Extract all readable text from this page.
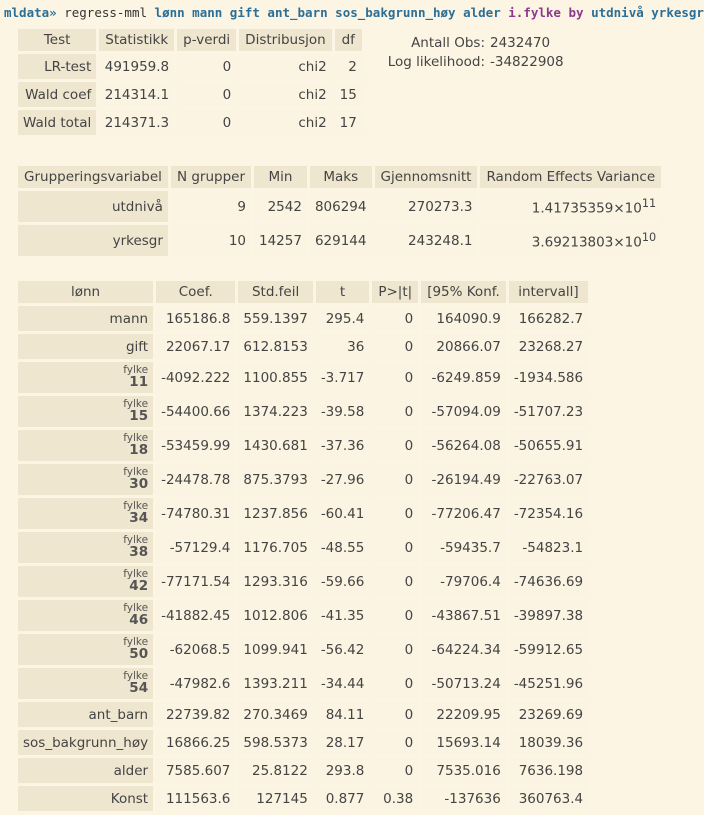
mldata» regress-mml lønn mann gift ant_barn sos_bakgrunn_høy alder i.fylke by utdnivå yrkesgr
Test	Statistikk	p-verdi	Distribusjon	df
LR-test	491959.8	0	chi2	2
Wald coef	214314.1	0	chi2	15
Wald total	214371.3	0	chi2	17
Antall Obs: 2432470
Log likelihood: -34822908
Grupperingsvariabel	N grupper	Min	Maks	Gjennomsnitt	Random Effects Variance
utdnivå	9	2542	806294	270273.3	$1.41735359\times 10^{11}$
yrkesgr	10	14257	629144	243248.1	$3.69213803\times 10^{10}$
lønn	Coef.	Std.feil	t	P>|t|	[95% Konf.	intervall]
mann	165186.8	559.1397	295.4	0	164090.9	166282.7
gift	22067.17	612.8153	36	0	20866.07	23268.27

fylke
11	-4092.222	1100.855	-3.717	0	-6249.859	-1934.586

fylke
15	-54400.66	1374.223	-39.58	0	-57094.09	-51707.23

fylke
18	-53459.99	1430.681	-37.36	0	-56264.08	-50655.91

fylke
30	-24478.78	875.3793	-27.96	0	-26194.49	-22763.07

fylke
34	-74780.31	1237.856	-60.41	0	-77206.47	-72354.16

fylke
38	-57129.4	1176.705	-48.55	0	-59435.7	-54823.1

fylke
42	-77171.54	1293.316	-59.66	0	-79706.4	-74636.69

fylke
46	-41882.45	1012.806	-41.35	0	-43867.51	-39897.38

fylke
50	-62068.5	1099.941	-56.42	0	-64224.34	-59912.65

fylke
54	-47982.6	1393.211	-34.44	0	-50713.24	-45251.96
ant_barn	22739.82	270.3469	84.11	0	22209.95	23269.69
sos_bakgrunn_høy	16866.25	598.5373	28.17	0	15693.14	18039.36
alder	7585.607	25.8122	293.8	0	7535.016	7636.198
Konst	111563.6	127145	0.877	0.38	-137636	360763.4
